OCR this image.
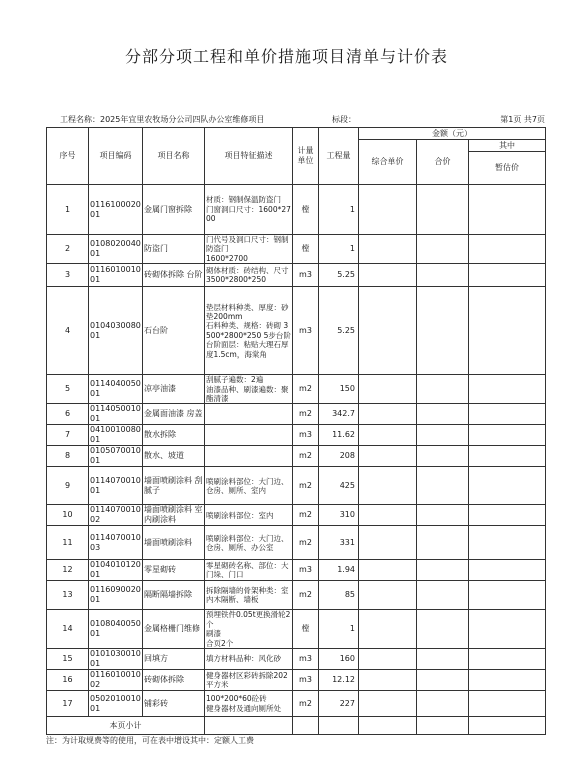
分部分项工程和单价措施项目清单与计价表
工程名称：2025年宜里农牧场分公司四队办公室维修项目	标段：	第1页 共7页
序号	项目编码	项目名称	项目特征描述	计量单位	工程量	金额（元）		
						综合单价	合价	其中
								暂估价
1	011610002001	金属门窗拆除	材质：钢制保温防盗门
门窗洞口尺寸：1600*2700	樘	1			
2	010802004001	防盗门	门代号及洞口尺寸：钢制防盗门
1600*2700	樘	1			
3	011601001001	砖砌体拆除 台阶	砌体材质：砖结构、尺寸3500*2800*250	m3	5.25			
4	010403008001	石台阶	垫层材料种类、厚度：砂垫200mm
石料种类、规格：砖砌 3500*2800*250 5步台阶
台阶面层：粘贴大理石厚度1.5cm，海棠角	m3	5.25			
5	011404005001	凉亭油漆	刮腻子遍数：2遍
油漆品种、刷漆遍数：聚酯清漆	m2	150			
6	011405001001	金属面油漆 房盖		m2	342.7			
7	041001008001	散水拆除		m3	11.62			
8	010507001001	散水、坡道		m2	208			
9	011407001001	墙面喷刷涂料 刮腻子	喷刷涂料部位：大门边、仓房、厕所、室内	m2	425			
10	011407001002	墙面喷刷涂料 室内刷涂料	喷刷涂料部位：室内	m2	310			
11	011407001003	墙面喷刷涂料	喷刷涂料部位：大门边、仓房、厕所、办公室	m2	331			
12	010401012001	零星砌砖	零星砌砖名称、部位：大门垛、门口	m3	1.94			
13	011609002001	隔断隔墙拆除	拆除隔墙的骨架种类：室内木隔断、墙板	m2	85			
14	010804005001	金属格栅门维修	预埋铁件0.05t更换滑轮2个
刷漆
合页2个	樘	1			
15	010103001001	回填方	填方材料品种：风化砂	m3	160			
16	011601001002	砖砌体拆除	健身器材区彩砖拆除202平方米	m3	12.12			
17	050201001001	铺彩砖	100*200*60砼砖
健身器材及通向厕所处	m2	227			
本页小计								
注：为计取规费等的使用，可在表中增设其中：定额人工费
